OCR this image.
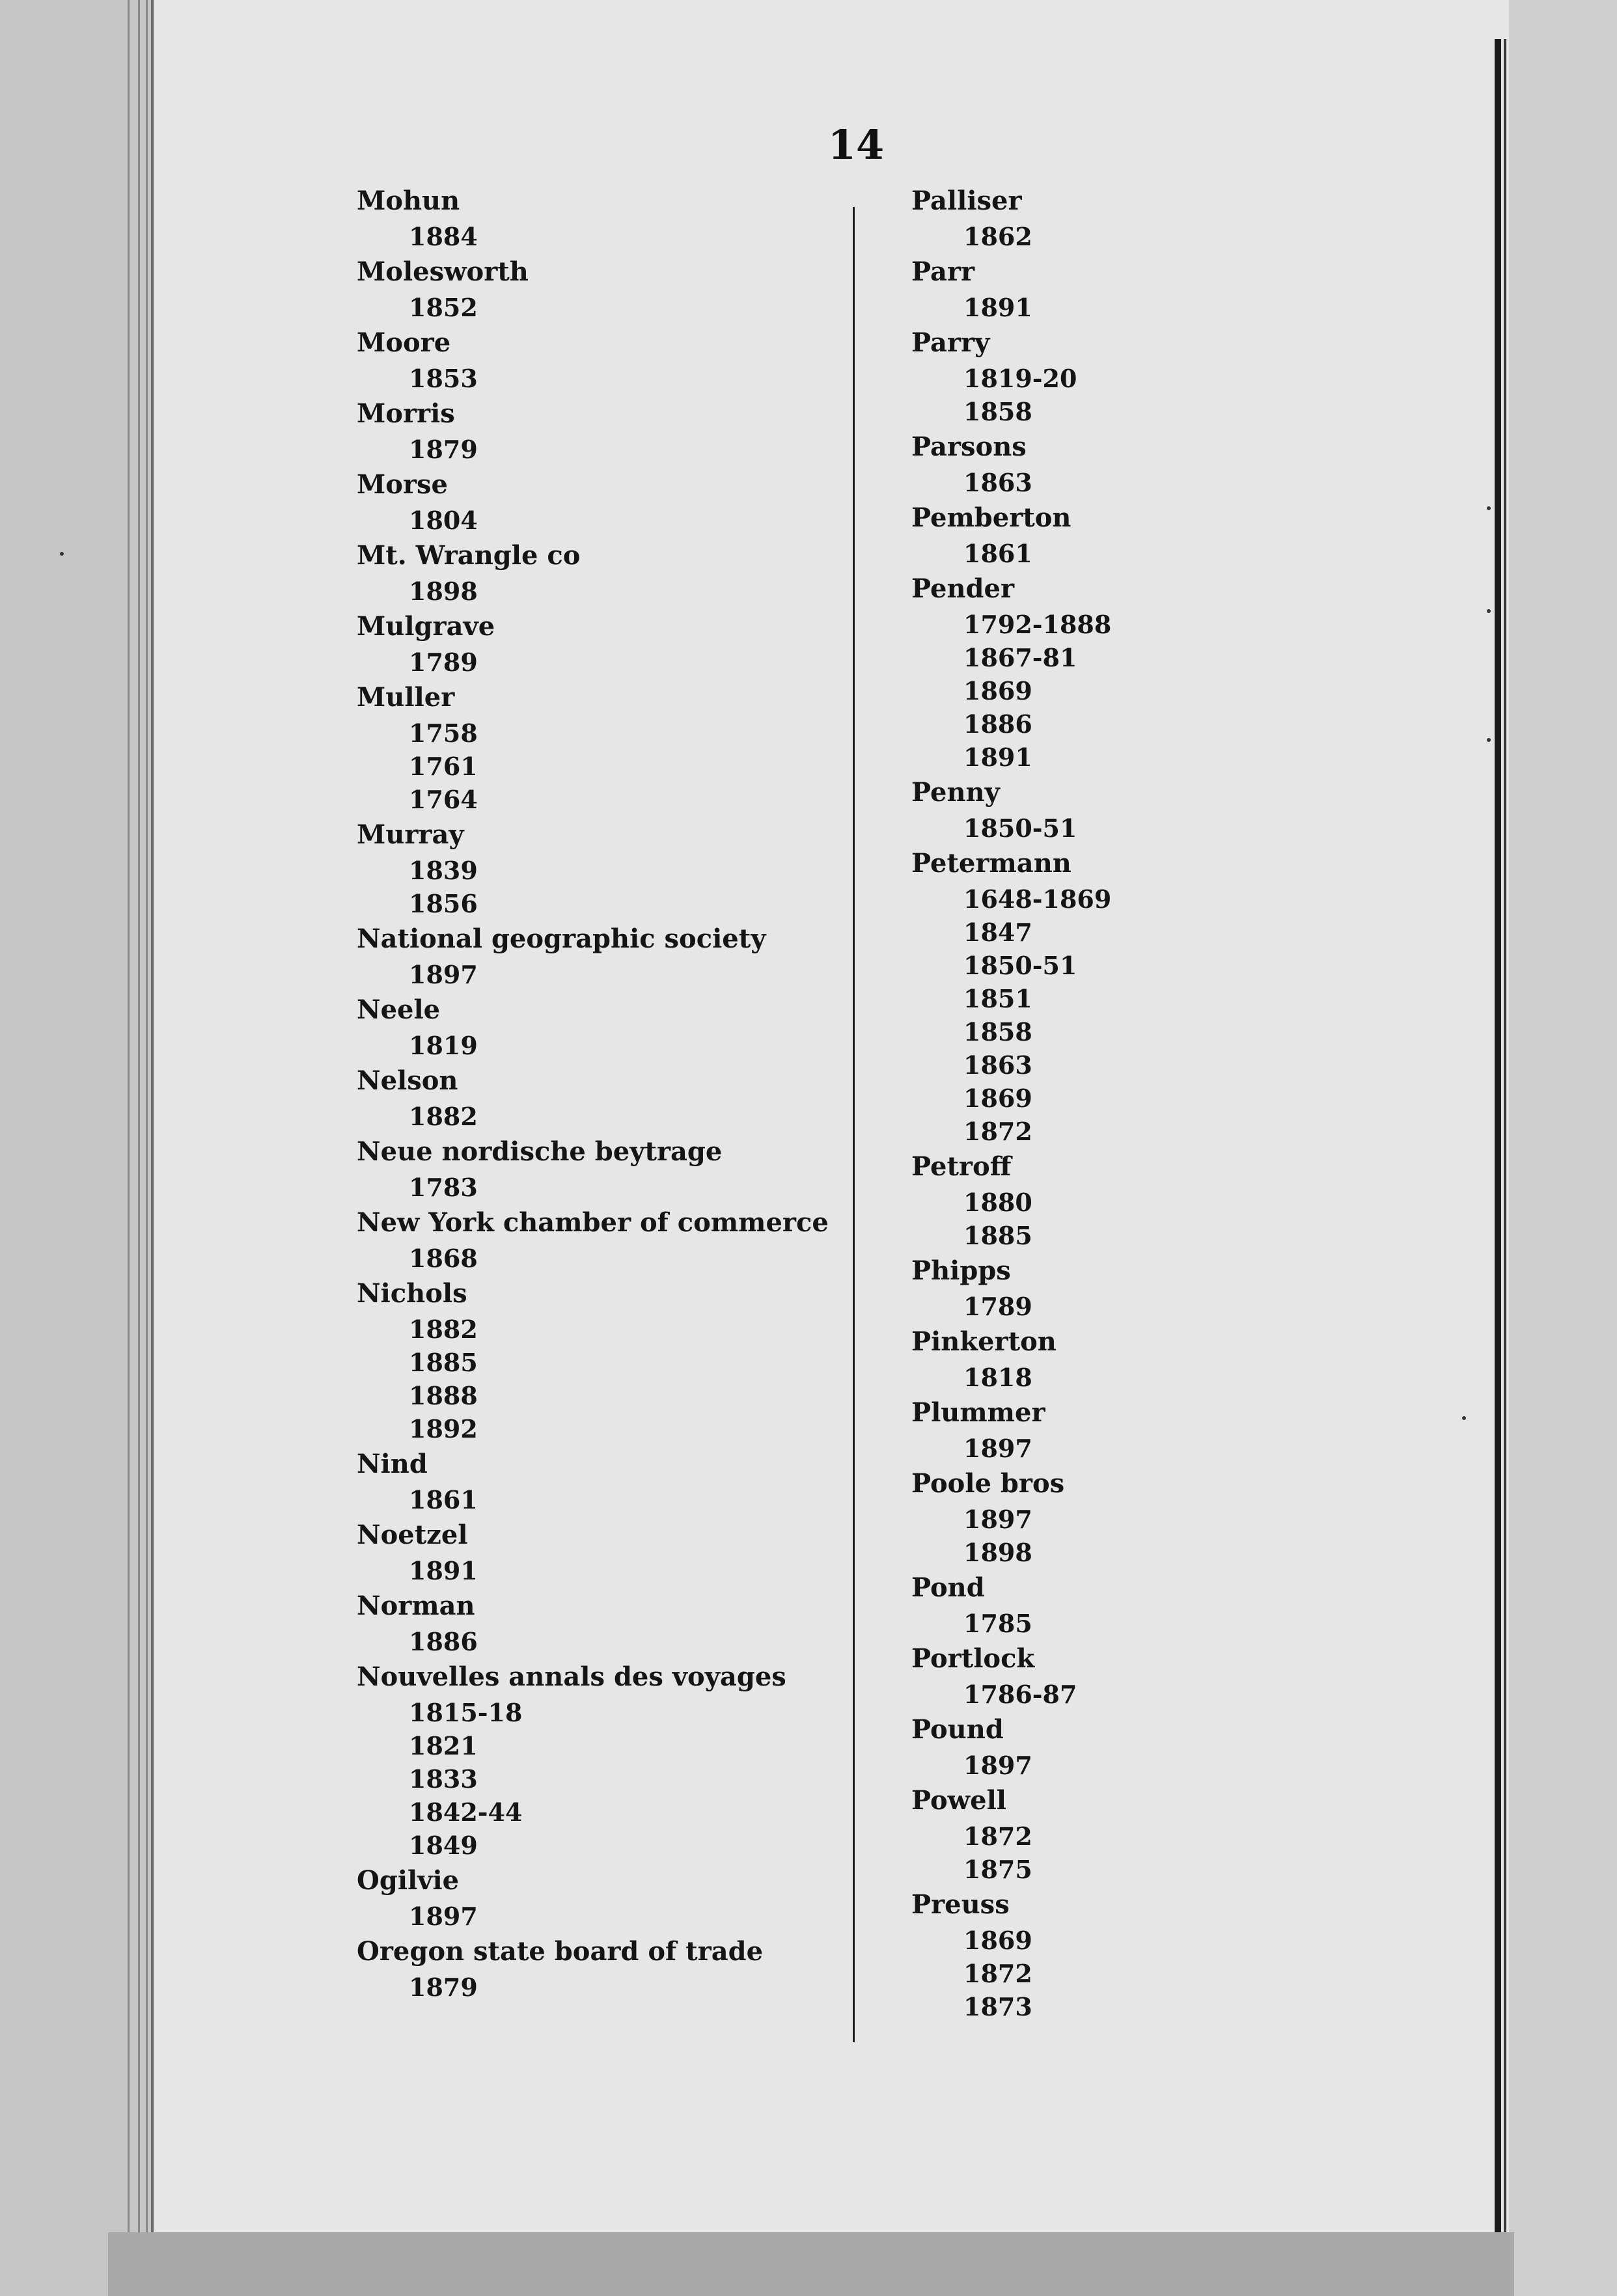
14
Mohun
1884
Molesworth
1852
Moore
1853
Morris
1879
Morse
1804
Mt. Wrangle co
1898
Mulgrave
1789
Muller
1758
1761
1764
Murray
1839
1856
National geographic society
1897
Neele
1819
Nelson
1882
Neue nordische beytrage
1783
New York chamber of commerce
1868
Nichols
1882
1885
1888
1892
Nind
1861
Noetzel
1891
Norman
1886
Nouvelles annals des voyages
1815-18
1821
1833
1842-44
1849
Ogilvie
1897
Oregon state board of trade
1879
Palliser
1862
Parr
1891
Parry
1819-20
1858
Parsons
1863
Pemberton
1861
Pender
1792-1888
1867-81
1869
1886
1891
Penny
1850-51
Petermann
1648-1869
1847
1850-51
1851
1858
1863
1869
1872
Petroff
1880
1885
Phipps
1789
Pinkerton
1818
Plummer
1897
Poole bros
1897
1898
Pond
1785
Portlock
1786-87
Pound
1897
Powell
1872
1875
Preuss
1869
1872
1873
